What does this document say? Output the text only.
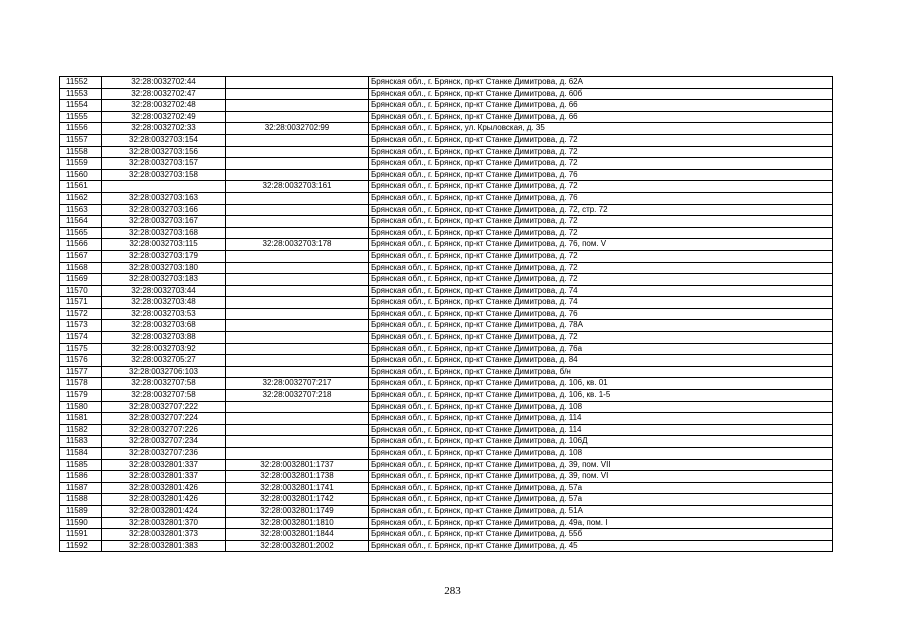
11552	32:28:0032702:44		Брянская обл., г. Брянск, пр-кт Станке Димитрова, д. 62А
11553	32:28:0032702:47		Брянская обл., г. Брянск, пр-кт Станке Димитрова, д. 60б
11554	32:28:0032702:48		Брянская обл., г. Брянск, пр-кт Станке Димитрова, д. 66
11555	32:28:0032702:49		Брянская обл., г. Брянск, пр-кт Станке Димитрова, д. 66
11556	32:28:0032702:33	32:28:0032702:99	Брянская обл., г. Брянск, ул. Крыловская, д. 35
11557	32:28:0032703:154		Брянская обл., г. Брянск, пр-кт Станке Димитрова, д. 72
11558	32:28:0032703:156		Брянская обл., г. Брянск, пр-кт Станке Димитрова, д. 72
11559	32:28:0032703:157		Брянская обл., г. Брянск, пр-кт Станке Димитрова, д. 72
11560	32:28:0032703:158		Брянская обл., г. Брянск, пр-кт Станке Димитрова, д. 76
11561		32:28:0032703:161	Брянская обл., г. Брянск, пр-кт Станке Димитрова, д. 72
11562	32:28:0032703:163		Брянская обл., г. Брянск, пр-кт Станке Димитрова, д. 76
11563	32:28:0032703:166		Брянская обл., г. Брянск, пр-кт Станке Димитрова, д. 72, стр. 72
11564	32:28:0032703:167		Брянская обл., г. Брянск, пр-кт Станке Димитрова, д. 72
11565	32:28:0032703:168		Брянская обл., г. Брянск, пр-кт Станке Димитрова, д. 72
11566	32:28:0032703:115	32:28:0032703:178	Брянская обл., г. Брянск, пр-кт Станке Димитрова, д. 76, пом. V
11567	32:28:0032703:179		Брянская обл., г. Брянск, пр-кт Станке Димитрова, д. 72
11568	32:28:0032703:180		Брянская обл., г. Брянск, пр-кт Станке Димитрова, д. 72
11569	32:28:0032703:183		Брянская обл., г. Брянск, пр-кт Станке Димитрова, д. 72
11570	32:28:0032703:44		Брянская обл., г. Брянск, пр-кт Станке Димитрова, д. 74
11571	32:28:0032703:48		Брянская обл., г. Брянск, пр-кт Станке Димитрова, д. 74
11572	32:28:0032703:53		Брянская обл., г. Брянск, пр-кт Станке Димитрова, д. 76
11573	32:28:0032703:68		Брянская обл., г. Брянск, пр-кт Станке Димитрова, д. 78А
11574	32:28:0032703:88		Брянская обл., г. Брянск, пр-кт Станке Димитрова, д. 72
11575	32:28:0032703:92		Брянская обл., г. Брянск, пр-кт Станке Димитрова, д. 76а
11576	32:28:0032705:27		Брянская обл., г. Брянск, пр-кт Станке Димитрова, д. 84
11577	32:28:0032706:103		Брянская обл., г. Брянск, пр-кт Станке Димитрова, б/н
11578	32:28:0032707:58	32:28:0032707:217	Брянская обл., г. Брянск, пр-кт Станке Димитрова, д. 106, кв. 01
11579	32:28:0032707:58	32:28:0032707:218	Брянская обл., г. Брянск, пр-кт Станке Димитрова, д. 106, кв. 1-5
11580	32:28:0032707:222		Брянская обл., г. Брянск, пр-кт Станке Димитрова, д. 108
11581	32:28:0032707:224		Брянская обл., г. Брянск, пр-кт Станке Димитрова, д. 114
11582	32:28:0032707:226		Брянская обл., г. Брянск, пр-кт Станке Димитрова, д. 114
11583	32:28:0032707:234		Брянская обл., г. Брянск, пр-кт Станке Димитрова, д. 106Д
11584	32:28:0032707:236		Брянская обл., г. Брянск, пр-кт Станке Димитрова, д. 108
11585	32:28:0032801:337	32:28:0032801:1737	Брянская обл., г. Брянск, пр-кт Станке Димитрова, д. 39, пом. VII
11586	32:28:0032801:337	32:28:0032801:1738	Брянская обл., г. Брянск, пр-кт Станке Димитрова, д. 39, пом. VI
11587	32:28:0032801:426	32:28:0032801:1741	Брянская обл., г. Брянск, пр-кт Станке Димитрова, д. 57а
11588	32:28:0032801:426	32:28:0032801:1742	Брянская обл., г. Брянск, пр-кт Станке Димитрова, д. 57а
11589	32:28:0032801:424	32:28:0032801:1749	Брянская обл., г. Брянск, пр-кт Станке Димитрова, д. 51А
11590	32:28:0032801:370	32:28:0032801:1810	Брянская обл., г. Брянск, пр-кт Станке Димитрова, д. 49а, пом. I
11591	32:28:0032801:373	32:28:0032801:1844	Брянская обл., г. Брянск, пр-кт Станке Димитрова, д. 55б
11592	32:28:0032801:383	32:28:0032801:2002	Брянская обл., г. Брянск, пр-кт Станке Димитрова, д. 45
283
